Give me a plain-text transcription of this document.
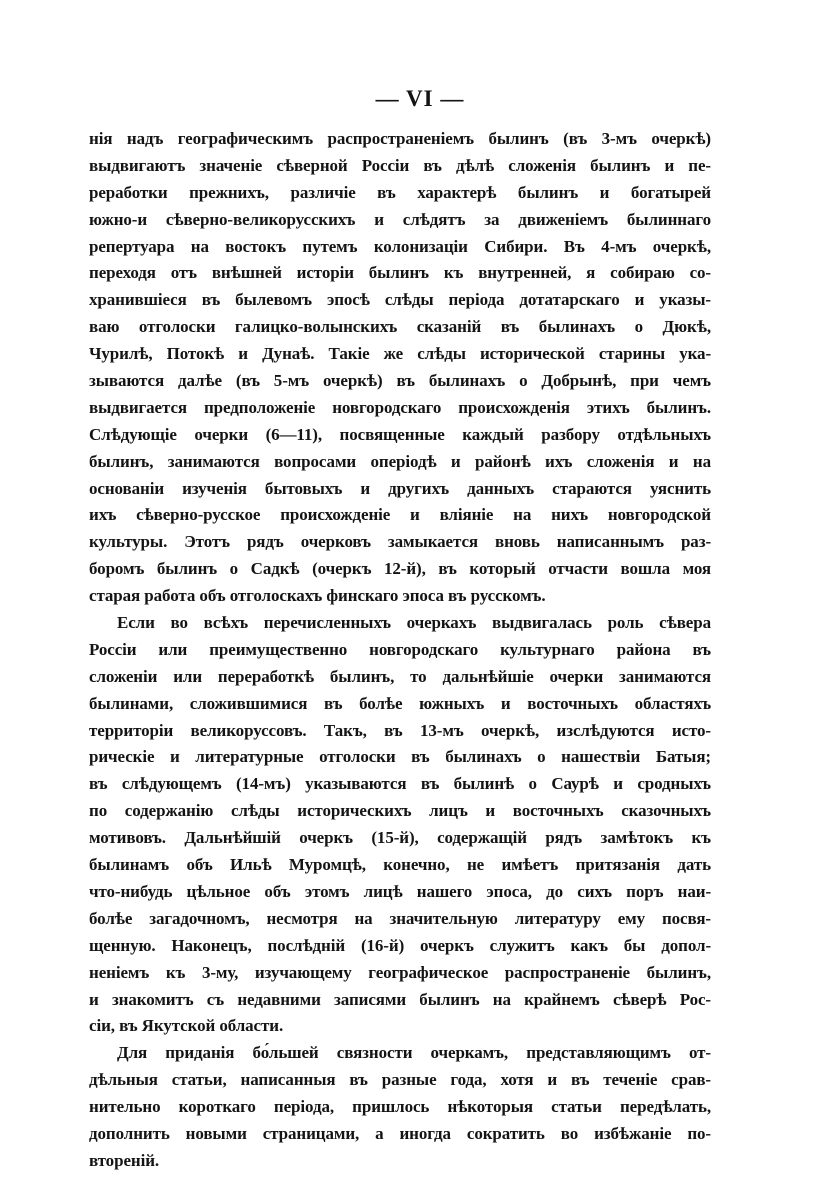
— VI —
нія надъ географическимъ распространеніемъ былинъ (въ 3-мъ очеркѣ)
выдвигаютъ значеніе сѣверной Россіи въ дѣлѣ сложенія былинъ и пе-
реработки прежнихъ, различіе въ характерѣ былинъ и богатырей
южно-и сѣверно-великорусскихъ и слѣдятъ за движеніемъ былиннаго
репертуара на востокъ путемъ колонизаціи Сибири. Въ 4-мъ очеркѣ,
переходя отъ внѣшней исторіи былинъ къ внутренней, я собираю со-
хранившіеся въ былевомъ эпосѣ слѣды періода дотатарскаго и указы-
ваю отголоски галицко-волынскихъ сказаній въ былинахъ о Дюкѣ,
Чурилѣ, Потокѣ и Дунаѣ. Такіе же слѣды исторической старины ука-
зываются далѣе (въ 5-мъ очеркѣ) въ былинахъ о Добрынѣ, при чемъ
выдвигается предположеніе новгородскаго происхожденія этихъ былинъ.
Слѣдующіе очерки (6—11), посвященные каждый разбору отдѣльныхъ
былинъ, занимаются вопросами оперіодѣ и районѣ ихъ сложенія и на
основаніи изученія бытовыхъ и другихъ данныхъ стараются уяснить
ихъ сѣверно-русское происхожденіе и вліяніе на нихъ новгородской
культуры. Этотъ рядъ очерковъ замыкается вновь написаннымъ раз-
боромъ былинъ о Садкѣ (очеркъ 12-й), въ который отчасти вошла моя
старая работа объ отголоскахъ финскаго эпоса въ русскомъ.
Если во всѣхъ перечисленныхъ очеркахъ выдвигалась роль сѣвера
Россіи или преимущественно новгородскаго культурнаго района въ
сложеніи или переработкѣ былинъ, то дальнѣйшіе очерки занимаются
былинами, сложившимися въ болѣе южныхъ и восточныхъ областяхъ
территоріи великоруссовъ. Такъ, въ 13-мъ очеркѣ, изслѣдуются исто-
рическіе и литературные отголоски въ былинахъ о нашествіи Батыя;
въ слѣдующемъ (14-мъ) указываются въ былинѣ о Саурѣ и сродныхъ
по содержанію слѣды историческихъ лицъ и восточныхъ сказочныхъ
мотивовъ. Дальнѣйшій очеркъ (15-й), содержащій рядъ замѣтокъ къ
былинамъ объ Ильѣ Муромцѣ, конечно, не имѣетъ притязанія дать
что-нибудь цѣльное объ этомъ лицѣ нашего эпоса, до сихъ поръ наи-
болѣе загадочномъ, несмотря на значительную литературу ему посвя-
щенную. Наконецъ, послѣдній (16-й) очеркъ служитъ какъ бы допол-
неніемъ къ 3-му, изучающему географическое распространеніе былинъ,
и знакомитъ съ недавними записями былинъ на крайнемъ сѣверѣ Рос-
сіи, въ Якутской области.
Для приданія бо́льшей связности очеркамъ, представляющимъ от-
дѣльныя статьи, написанныя въ разные года, хотя и въ теченіе срав-
нительно короткаго періода, пришлось нѣкоторыя статьи передѣлать,
дополнить новыми страницами, а иногда сократить во избѣжаніе по-
втореній.
